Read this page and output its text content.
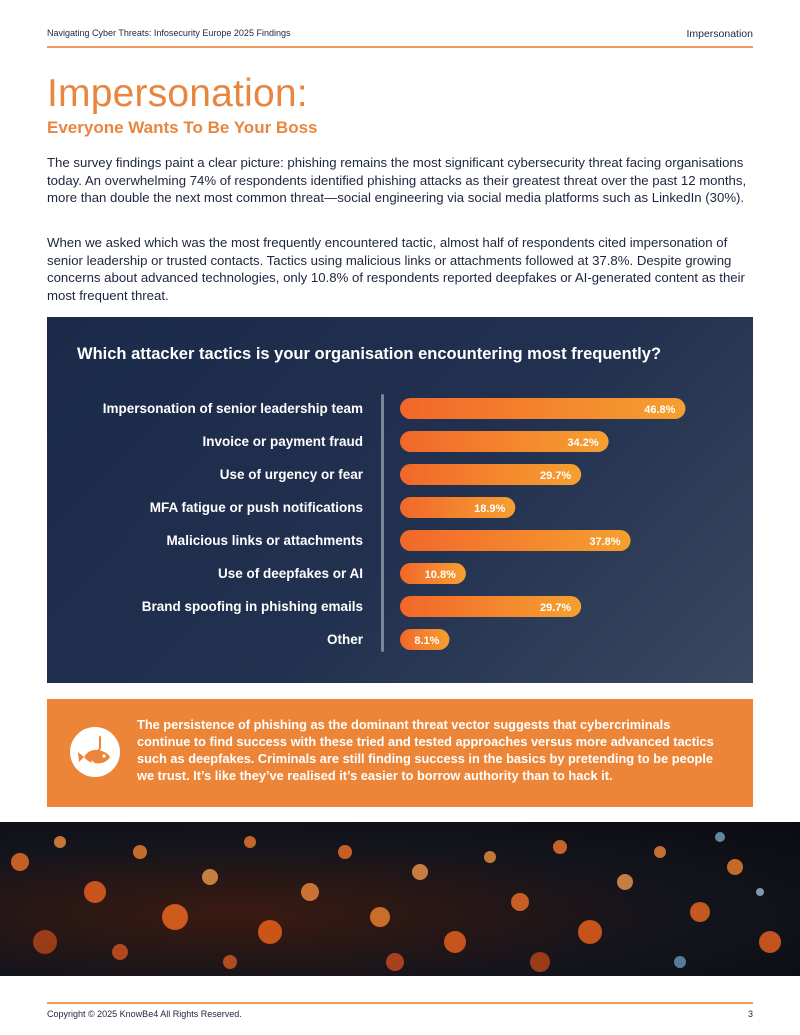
Navigating Cyber Threats: Infosecurity Europe 2025 Findings	Impersonation
Impersonation:
Everyone Wants To Be Your Boss

The survey findings paint a clear picture: phishing remains the most significant cybersecurity threat facing organisations today. An overwhelming 74% of respondents identified phishing attacks as their greatest threat over the past 12 months, more than double the next most common threat—social engineering via social media platforms such as LinkedIn (30%).

When we asked which was the most frequently encountered tactic, almost half of respondents cited impersonation of senior leadership or trusted contacts. Tactics using malicious links or attachments followed at 37.8%. Despite growing concerns about advanced technologies, only 10.8% of respondents reported deepfakes or AI-generated content as their most frequent threat.

Which attacker tactics is your organisation encountering most frequently?
Impersonation of senior leadership team	46.8%
Invoice or payment fraud	34.2%
Use of urgency or fear	29.7%
MFA fatigue or push notifications	18.9%
Malicious links or attachments	37.8%
Use of deepfakes or AI	10.8%
Brand spoofing in phishing emails	29.7%
Other	8.1%

The persistence of phishing as the dominant threat vector suggests that cybercriminals continue to find success with these tried and tested approaches versus more advanced tactics such as deepfakes. Criminals are still finding success in the basics by pretending to be people we trust. It’s like they’ve realised it’s easier to borrow authority than to hack it.

Copyright © 2025 KnowBe4 All Rights Reserved.	3
